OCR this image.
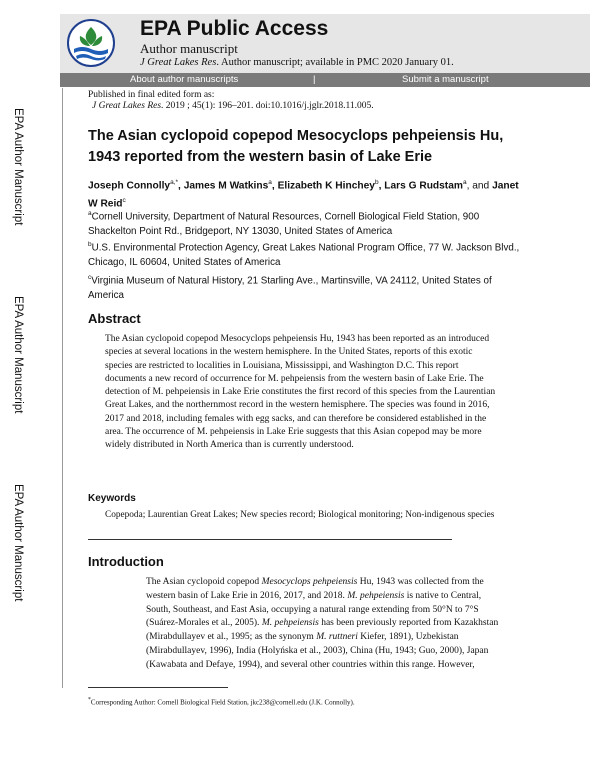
EPA Public Access
Author manuscript
J Great Lakes Res. Author manuscript; available in PMC 2020 January 01.
About author manuscripts	|	Submit a manuscript
EPA Author Manuscript
EPA Author Manuscript
EPA Author Manuscript
Published in final edited form as:
J Great Lakes Res. 2019 ; 45(1): 196–201. doi:10.1016/j.jglr.2018.11.005.
The Asian cyclopoid copepod Mesocyclops pehpeiensis Hu, 1943 reported from the western basin of Lake Erie
Joseph Connolly$^{a,*}$, James M Watkins$^a$, Elizabeth K Hinchey$^b$, Lars G Rudstam$^a$, and Janet W Reid$^c$
$^a$Cornell University, Department of Natural Resources, Cornell Biological Field Station, 900 Shackelton Point Rd., Bridgeport, NY 13030, United States of America
$^b$U.S. Environmental Protection Agency, Great Lakes National Program Office, 77 W. Jackson Blvd., Chicago, IL 60604, United States of America
$^c$Virginia Museum of Natural History, 21 Starling Ave., Martinsville, VA 24112, United States of America
Abstract
The Asian cyclopoid copepod Mesocyclops pehpeiensis Hu, 1943 has been reported as an introduced species at several locations in the western hemisphere. In the United States, reports of this exotic species are restricted to localities in Louisiana, Mississippi, and Washington D.C. This report documents a new record of occurrence for M. pehpeiensis from the western basin of Lake Erie. The detection of M. pehpeiensis in Lake Erie constitutes the first record of this species from the Laurentian Great Lakes, and the northernmost record in the western hemisphere. The species was found in 2016, 2017 and 2018, including females with egg sacks, and can therefore be considered established in the area. The occurrence of M. pehpeiensis in Lake Erie suggests that this Asian copepod may be more widely distributed in North America than is currently understood.
Keywords
Copepoda; Laurentian Great Lakes; New species record; Biological monitoring; Non-indigenous species
Introduction
The Asian cyclopoid copepod Mesocyclops pehpeiensis Hu, 1943 was collected from the western basin of Lake Erie in 2016, 2017, and 2018. M. pehpeiensis is native to Central, South, Southeast, and East Asia, occupying a natural range extending from 50°N to 7°S (Suárez-Morales et al., 2005). M. pehpeiensis has been previously reported from Kazakhstan (Mirabdullayev et al., 1995; as the synonym M. ruttneri Kiefer, 1891), Uzbekistan (Mirabdullayev, 1996), India (Holyńska et al., 2003), China (Hu, 1943; Guo, 2000), Japan (Kawabata and Defaye, 1994), and several other countries within this range. However,
*Corresponding Author: Cornell Biological Field Station, jkc238@cornell.edu (J.K. Connolly).
